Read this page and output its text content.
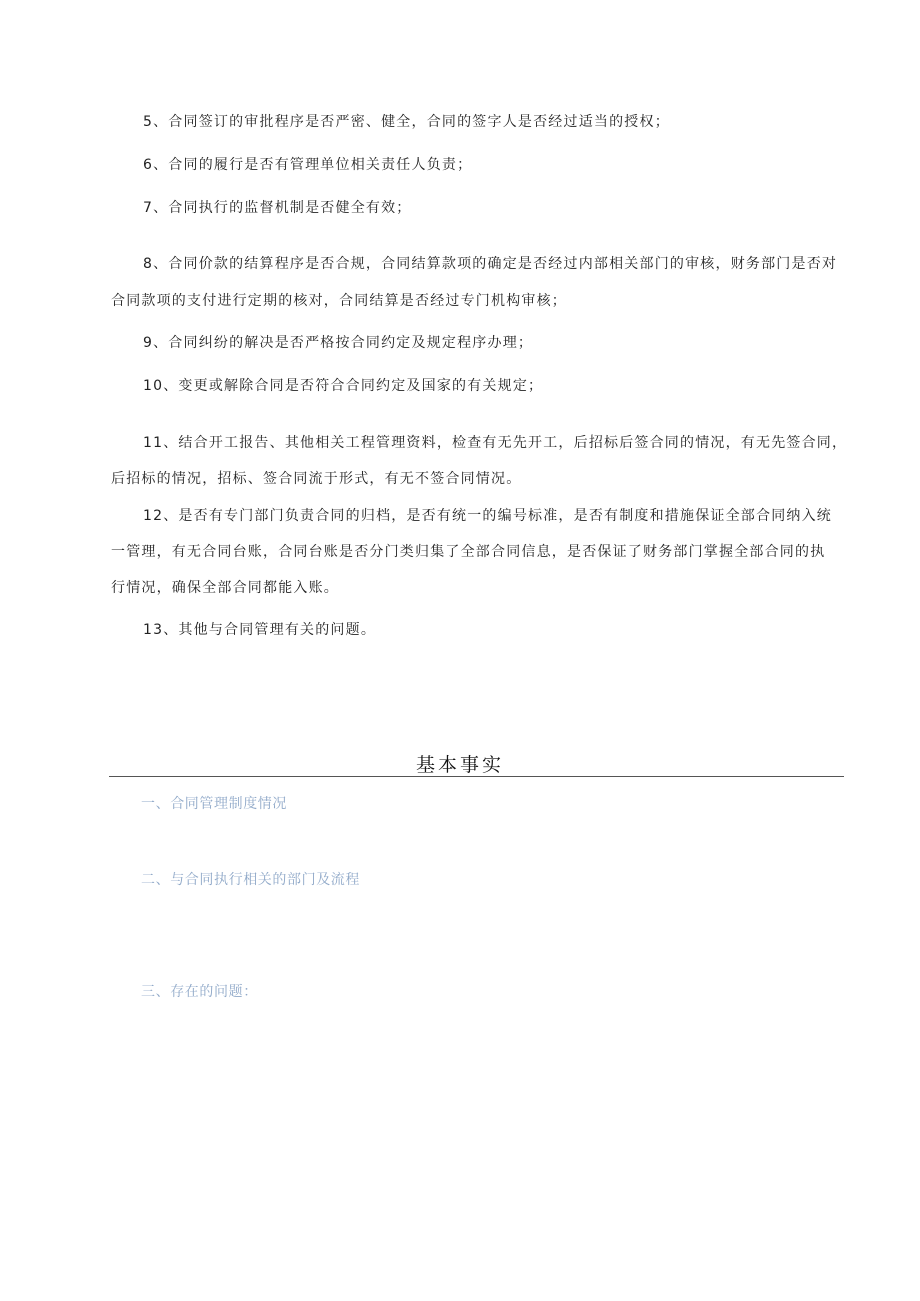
5、合同签订的审批程序是否严密、健全，合同的签字人是否经过适当的授权；
6、合同的履行是否有管理单位相关责任人负责；
7、合同执行的监督机制是否健全有效；
8、合同价款的结算程序是否合规，合同结算款项的确定是否经过内部相关部门的审核，财务部门是否对
合同款项的支付进行定期的核对，合同结算是否经过专门机构审核；
9、合同纠纷的解决是否严格按合同约定及规定程序办理；
10、变更或解除合同是否符合合同约定及国家的有关规定；
11、结合开工报告、其他相关工程管理资料，检查有无先开工，后招标后签合同的情况，有无先签合同，
后招标的情况，招标、签合同流于形式，有无不签合同情况。
12、是否有专门部门负责合同的归档，是否有统一的编号标准，是否有制度和措施保证全部合同纳入统
一管理，有无合同台账，合同台账是否分门类归集了全部合同信息，是否保证了财务部门掌握全部合同的执
行情况，确保全部合同都能入账。
13、其他与合同管理有关的问题。
基本事实
一、合同管理制度情况
二、与合同执行相关的部门及流程
三、存在的问题：
